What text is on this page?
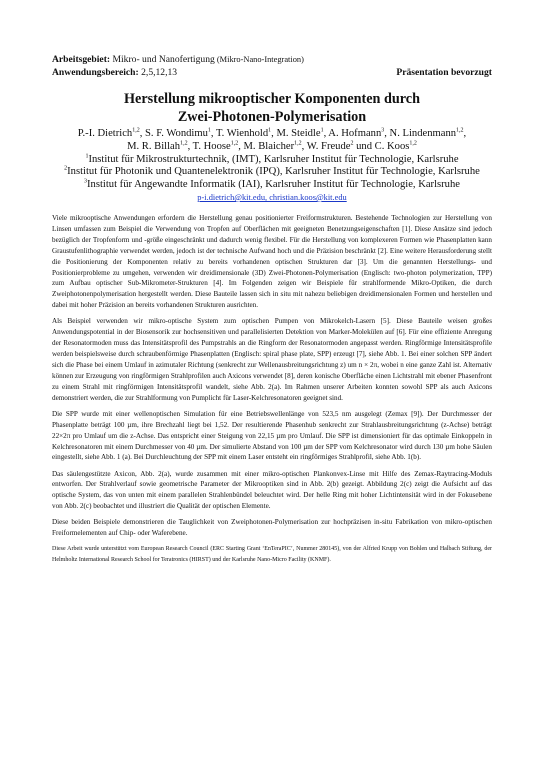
Arbeitsgebiet: Mikro- und Nanofertigung (Mikro-Nano-Integration)
Anwendungsbereich: 2,5,12,13	Präsentation bevorzugt
Herstellung mikrooptischer Komponenten durch
Zwei-Photonen-Polymerisation
P.-I. Dietrich$^{1,2}$, S. F. Wondimu$^1$, T. Wienhold$^1$, M. Steidle$^1$, A. Hofmann$^3$, N. Lindenmann$^{1,2}$,
M. R. Billah$^{1,2}$, T. Hoose$^{1,2}$, M. Blaicher$^{1,2}$, W. Freude$^2$ und C. Koos$^{1,2}$
$^1$Institut für Mikrostrukturtechnik, (IMT), Karlsruher Institut für Technologie, Karlsruhe
$^2$Institut für Photonik und Quantenelektronik (IPQ), Karlsruher Institut für Technologie, Karlsruhe
$^3$Institut für Angewandte Informatik (IAI), Karlsruher Institut für Technologie, Karlsruhe
p-i.dietrich@kit.edu, christian.koos@kit.edu

Viele mikrooptische Anwendungen erfordern die Herstellung genau positionierter Freiformstrukturen. Bestehende Technologien zur Herstellung von Linsen umfassen zum Beispiel die Verwendung von Tropfen auf Oberflächen mit geeigneten Benetzungseigenschaften [1]. Diese Ansätze sind jedoch bezüglich der Tropfenform und -größe eingeschränkt und dadurch wenig flexibel. Für die Herstellung von komplexeren Formen wie Phasenplatten kann Graustufenlithographie verwendet werden, jedoch ist der technische Aufwand hoch und die Präzision beschränkt [2]. Eine weitere Herausforderung stellt die Positionierung der Komponenten relativ zu bereits vorhandenen optischen Strukturen dar [3]. Um die genannten Herstellungs- und Positionierprobleme zu umgehen, verwenden wir dreidimensionale (3D) Zwei-Photonen-Polymerisation (Englisch: two-photon polymerization, TPP) zum Aufbau optischer Sub-Mikrometer-Strukturen [4]. Im Folgenden zeigen wir Beispiele für strahlformende Mikro-Optiken, die durch Zweiphotonenpolymerisation hergestellt werden. Diese Bauteile lassen sich in situ mit nahezu beliebigen dreidimensionalen Formen und herstellen und dabei mit hoher Präzision an bereits vorhandenen Strukturen ausrichten.

Als Beispiel verwenden wir mikro-optische System zum optischen Pumpen von Mikrokelch-Lasern [5]. Diese Bauteile weisen großes Anwendungspotential in der Biosensorik zur hochsensitiven und parallelisierten Detektion von Marker-Molekülen auf [6]. Für eine effiziente Anregung der Resonatormoden muss das Intensitätsprofil des Pumpstrahls an die Ringform der Resonatormoden angepasst werden. Ringförmige Intensitätsprofile werden beispielsweise durch schraubenförmige Phasenplatten (Englisch: spiral phase plate, SPP) erzeugt [7], siehe Abb. 1. Bei einer solchen SPP ändert sich die Phase bei einem Umlauf in azimutaler Richtung (senkrecht zur Wellenausbreitungsrichtung z) um n × 2π, wobei n eine ganze Zahl ist. Alternativ können zur Erzeugung von ringförmigen Strahlprofilen auch Axicons verwendet [8], deren konische Oberfläche einen Lichtstrahl mit ebener Phasenfront zu einem Strahl mit ringförmigen Intensitätsprofil wandelt, siehe Abb. 2(a). Im Rahmen unserer Arbeiten konnten sowohl SPP als auch Axicons demonstriert werden, die zur Strahlformung von Pumplicht für Laser-Kelchresonatoren geeignet sind.

Die SPP wurde mit einer wellenoptischen Simulation für eine Betriebswellenlänge von 523,5 nm ausgelegt (Zemax [9]). Der Durchmesser der Phasenplatte beträgt 100 µm, ihre Brechzahl liegt bei 1,52. Der resultierende Phasenhub senkrecht zur Strahlausbreitungsrichtung (z-Achse) beträgt 22×2π pro Umlauf um die z-Achse. Das entspricht einer Steigung von 22,15 µm pro Umlauf. Die SPP ist dimensioniert für das optimale Einkoppeln in Kelchresonatoren mit einem Durchmesser von 40 µm. Der simulierte Abstand von 100 µm der SPP vom Kelchresonator wird durch 130 µm hohe Säulen eingestellt, siehe Abb. 1 (a). Bei Durchleuchtung der SPP mit einem Laser entsteht ein ringförmiges Strahlprofil, siehe Abb. 1(b).

Das säulengestützte Axicon, Abb. 2(a), wurde zusammen mit einer mikro-optischen Plankonvex-Linse mit Hilfe des Zemax-Raytracing-Moduls entworfen. Der Strahlverlauf sowie geometrische Parameter der Mikrooptiken sind in Abb. 2(b) gezeigt. Abbildung 2(c) zeigt die Aufsicht auf das optische System, das von unten mit einem parallelen Strahlenbündel beleuchtet wird. Der helle Ring mit hoher Lichtintensität wird in der Fokusebene von Abb. 2(c) beobachtet und illustriert die Qualität der optischen Elemente.

Diese beiden Beispiele demonstrieren die Tauglichkeit von Zweiphotonen-Polymerisation zur hochpräzisen in-situ Fabrikation von mikro-optischen Freiformelementen auf Chip- oder Waferebene.

Diese Arbeit wurde unterstützt vom European Research Council (ERC Starting Grant ‘EnTeraPIC’, Nummer 280145), von der Alfried Krupp von Bohlen und Halbach Stiftung, der Helmholtz International Research School for Teratronics (HIRST) und der Karlsruhe Nano-Micro Facility (KNMF).
